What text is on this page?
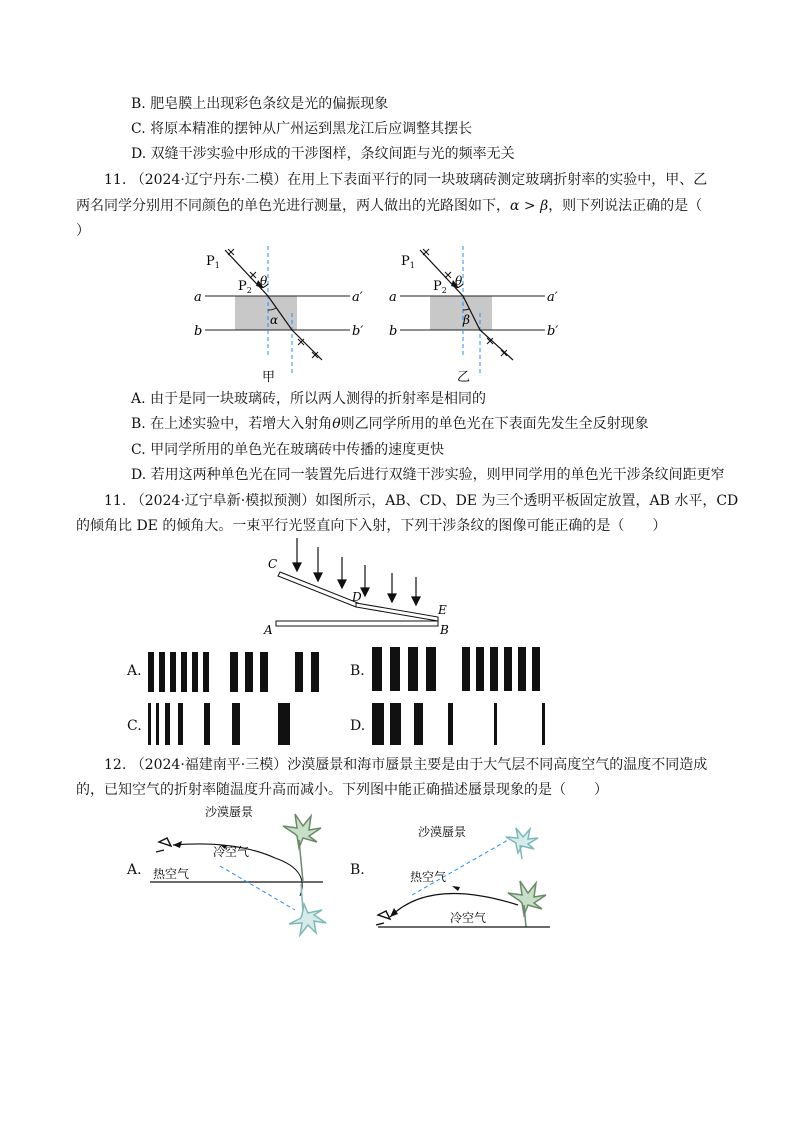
B. 肥皂膜上出现彩色条纹是光的偏振现象
C. 将原本精准的摆钟从广州运到黑龙江后应调整其摆长
D. 双缝干涉实验中形成的干涉图样，条纹间距与光的频率无关
11. （2024·辽宁丹东·二模）在用上下表面平行的同一块玻璃砖测定玻璃折射率的实验中，甲、乙
两名同学分别用不同颜色的单色光进行测量，两人做出的光路图如下，α > β，则下列说法正确的是（
）
$P_1$
$P_2$
θ
α
a	a′
b	b′
甲
$P_1$
$P_2$
θ
β
a	a′
b	b′
乙
A. 由于是同一块玻璃砖，所以两人测得的折射率是相同的
B. 在上述实验中，若增大入射角θ则乙同学所用的单色光在下表面先发生全反射现象
C. 甲同学所用的单色光在玻璃砖中传播的速度更快
D. 若用这两种单色光在同一装置先后进行双缝干涉实验，则甲同学用的单色光干涉条纹间距更窄
11. （2024·辽宁阜新·模拟预测）如图所示，AB、CD、DE 为三个透明平板固定放置，AB 水平，CD
的倾角比 DE 的倾角大。一束平行光竖直向下入射，下列干涉条纹的图像可能正确的是（　　）
C
D
E
A	B
A.	B.
C.	D.
12. （2024·福建南平·三模）沙漠蜃景和海市蜃景主要是由于大气层不同高度空气的温度不同造成
的，已知空气的折射率随温度升高而减小。下列图中能正确描述蜃景现象的是（　　）
A.
沙漠蜃景
冷空气
热空气	B.
沙漠蜃景
热空气
冷空气
